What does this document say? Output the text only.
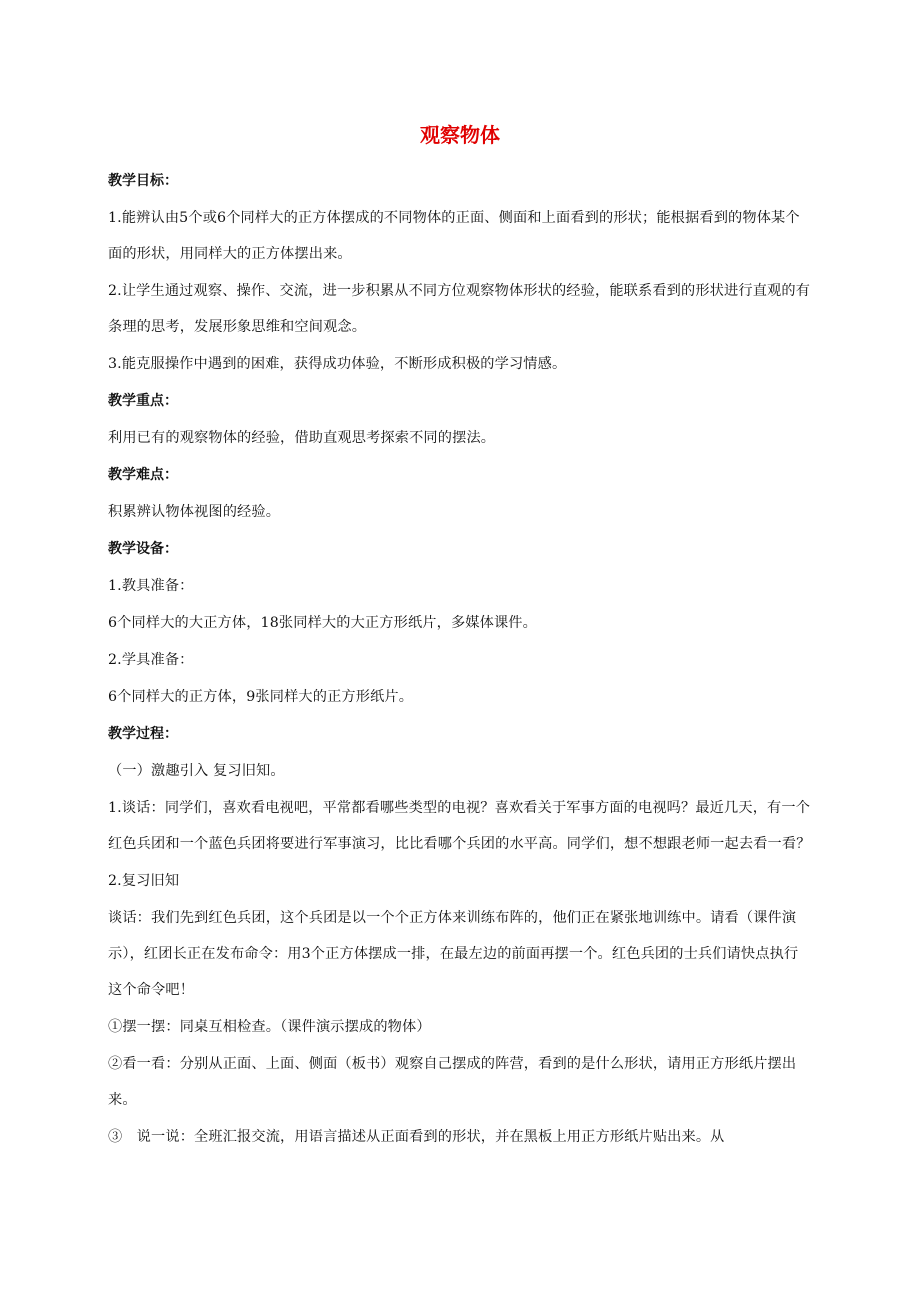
观察物体
教学目标：
1.能辨认由5个或6个同样大的正方体摆成的不同物体的正面、侧面和上面看到的形状；能根据看到的物体某个面的形状，用同样大的正方体摆出来。
2.让学生通过观察、操作、交流，进一步积累从不同方位观察物体形状的经验，能联系看到的形状进行直观的有条理的思考，发展形象思维和空间观念。
3.能克服操作中遇到的困难，获得成功体验，不断形成积极的学习情感。
教学重点：
利用已有的观察物体的经验，借助直观思考探索不同的摆法。
教学难点：
积累辨认物体视图的经验。
教学设备：
1.教具准备：
6个同样大的大正方体，18张同样大的大正方形纸片，多媒体课件。
2.学具准备：
6个同样大的正方体，9张同样大的正方形纸片。
教学过程：
（一）激趣引入 复习旧知。
1.谈话：同学们，喜欢看电视吧，平常都看哪些类型的电视？喜欢看关于军事方面的电视吗？最近几天，有一个红色兵团和一个蓝色兵团将要进行军事演习，比比看哪个兵团的水平高。同学们，想不想跟老师一起去看一看？
2.复习旧知
谈话：我们先到红色兵团，这个兵团是以一个个正方体来训练布阵的，他们正在紧张地训练中。请看（课件演示），红团长正在发布命令：用3个正方体摆成一排，在最左边的前面再摆一个。红色兵团的士兵们请快点执行这个命令吧！
①摆一摆：同桌互相检查。（课件演示摆成的物体）
②看一看：分别从正面、上面、侧面（板书）观察自己摆成的阵营，看到的是什么形状，请用正方形纸片摆出来。
③　说一说：全班汇报交流，用语言描述从正面看到的形状，并在黑板上用正方形纸片贴出来。从
